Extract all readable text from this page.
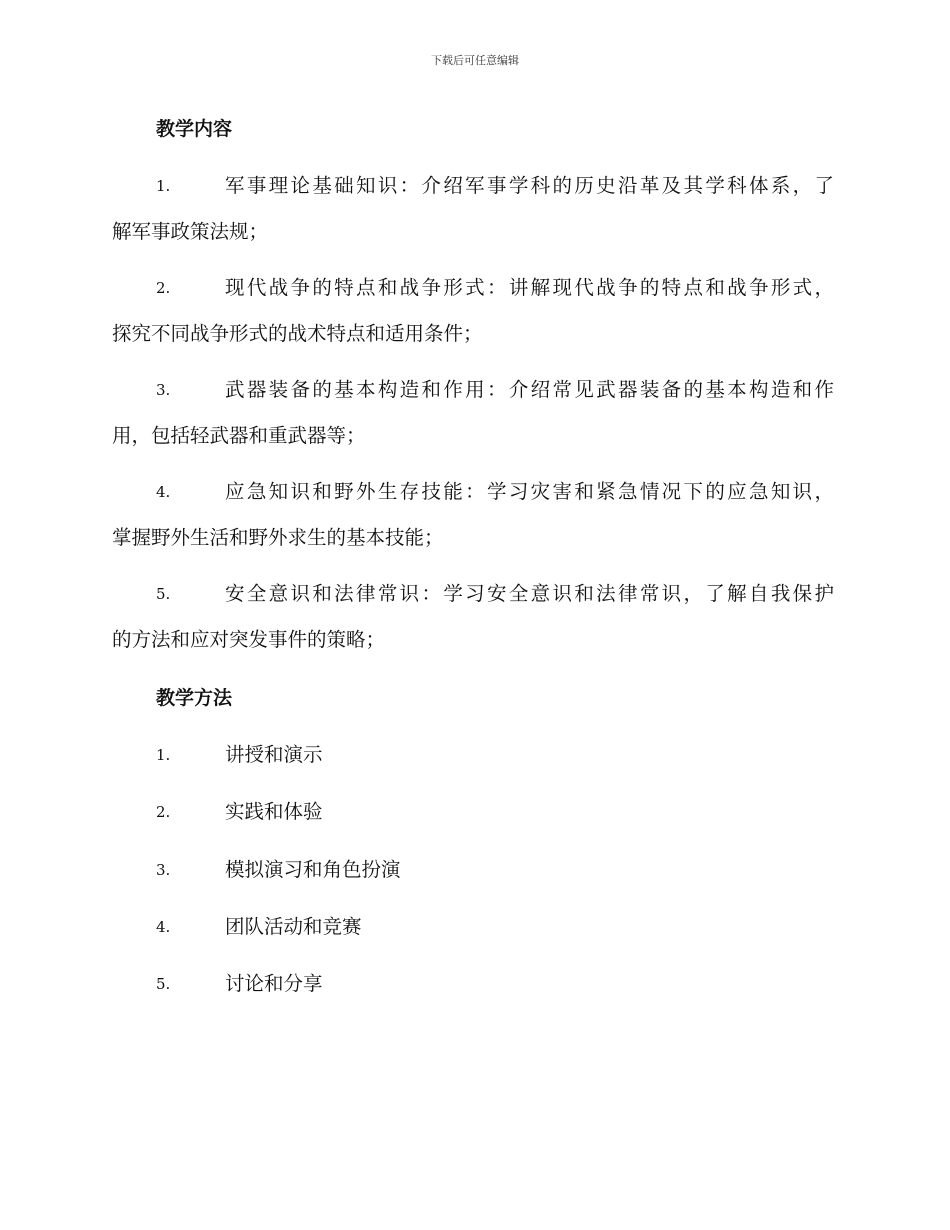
下载后可任意编辑
教学内容
1.	军事理论基础知识：介绍军事学科的历史沿革及其学科体系，了
解军事政策法规；
2.	现代战争的特点和战争形式：讲解现代战争的特点和战争形式，
探究不同战争形式的战术特点和适用条件；
3.	武器装备的基本构造和作用：介绍常见武器装备的基本构造和作
用，包括轻武器和重武器等；
4.	应急知识和野外生存技能：学习灾害和紧急情况下的应急知识，
掌握野外生活和野外求生的基本技能；
5.	安全意识和法律常识：学习安全意识和法律常识，了解自我保护
的方法和应对突发事件的策略；
教学方法
1.	讲授和演示
2.	实践和体验
3.	模拟演习和角色扮演
4.	团队活动和竞赛
5.	讨论和分享
